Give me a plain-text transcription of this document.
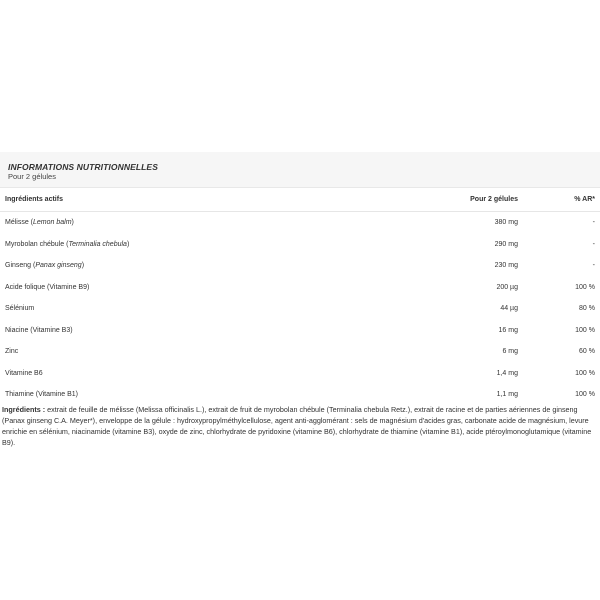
INFORMATIONS NUTRITIONNELLES
Pour 2 gélules
Ingrédients actifs	Pour 2 gélules	% AR*
Mélisse (Lemon balm)	380 mg	-
Myrobolan chébule (Terminalia chebula)	290 mg	-
Ginseng (Panax ginseng)	230 mg	-
Acide folique (Vitamine B9)	200 µg	100 %
Sélénium	44 µg	80 %
Niacine (Vitamine B3)	16 mg	100 %
Zinc	6 mg	60 %
Vitamine B6	1,4 mg	100 %
Thiamine (Vitamine B1)	1,1 mg	100 %
Ingrédients : extrait de feuille de mélisse (Melissa officinalis L.), extrait de fruit de myrobolan chébule (Terminalia chebula Retz.), extrait de racine et de parties aériennes de ginseng (Panax ginseng C.A. Meyer*), enveloppe de la gélule : hydroxypropylméthylcellulose, agent anti-agglomérant : sels de magnésium d'acides gras, carbonate acide de magnésium, levure enrichie en sélénium, niacinamide (vitamine B3), oxyde de zinc, chlorhydrate de pyridoxine (vitamine B6), chlorhydrate de thiamine (vitamine B1), acide ptéroylmonoglutamique (vitamine B9).
